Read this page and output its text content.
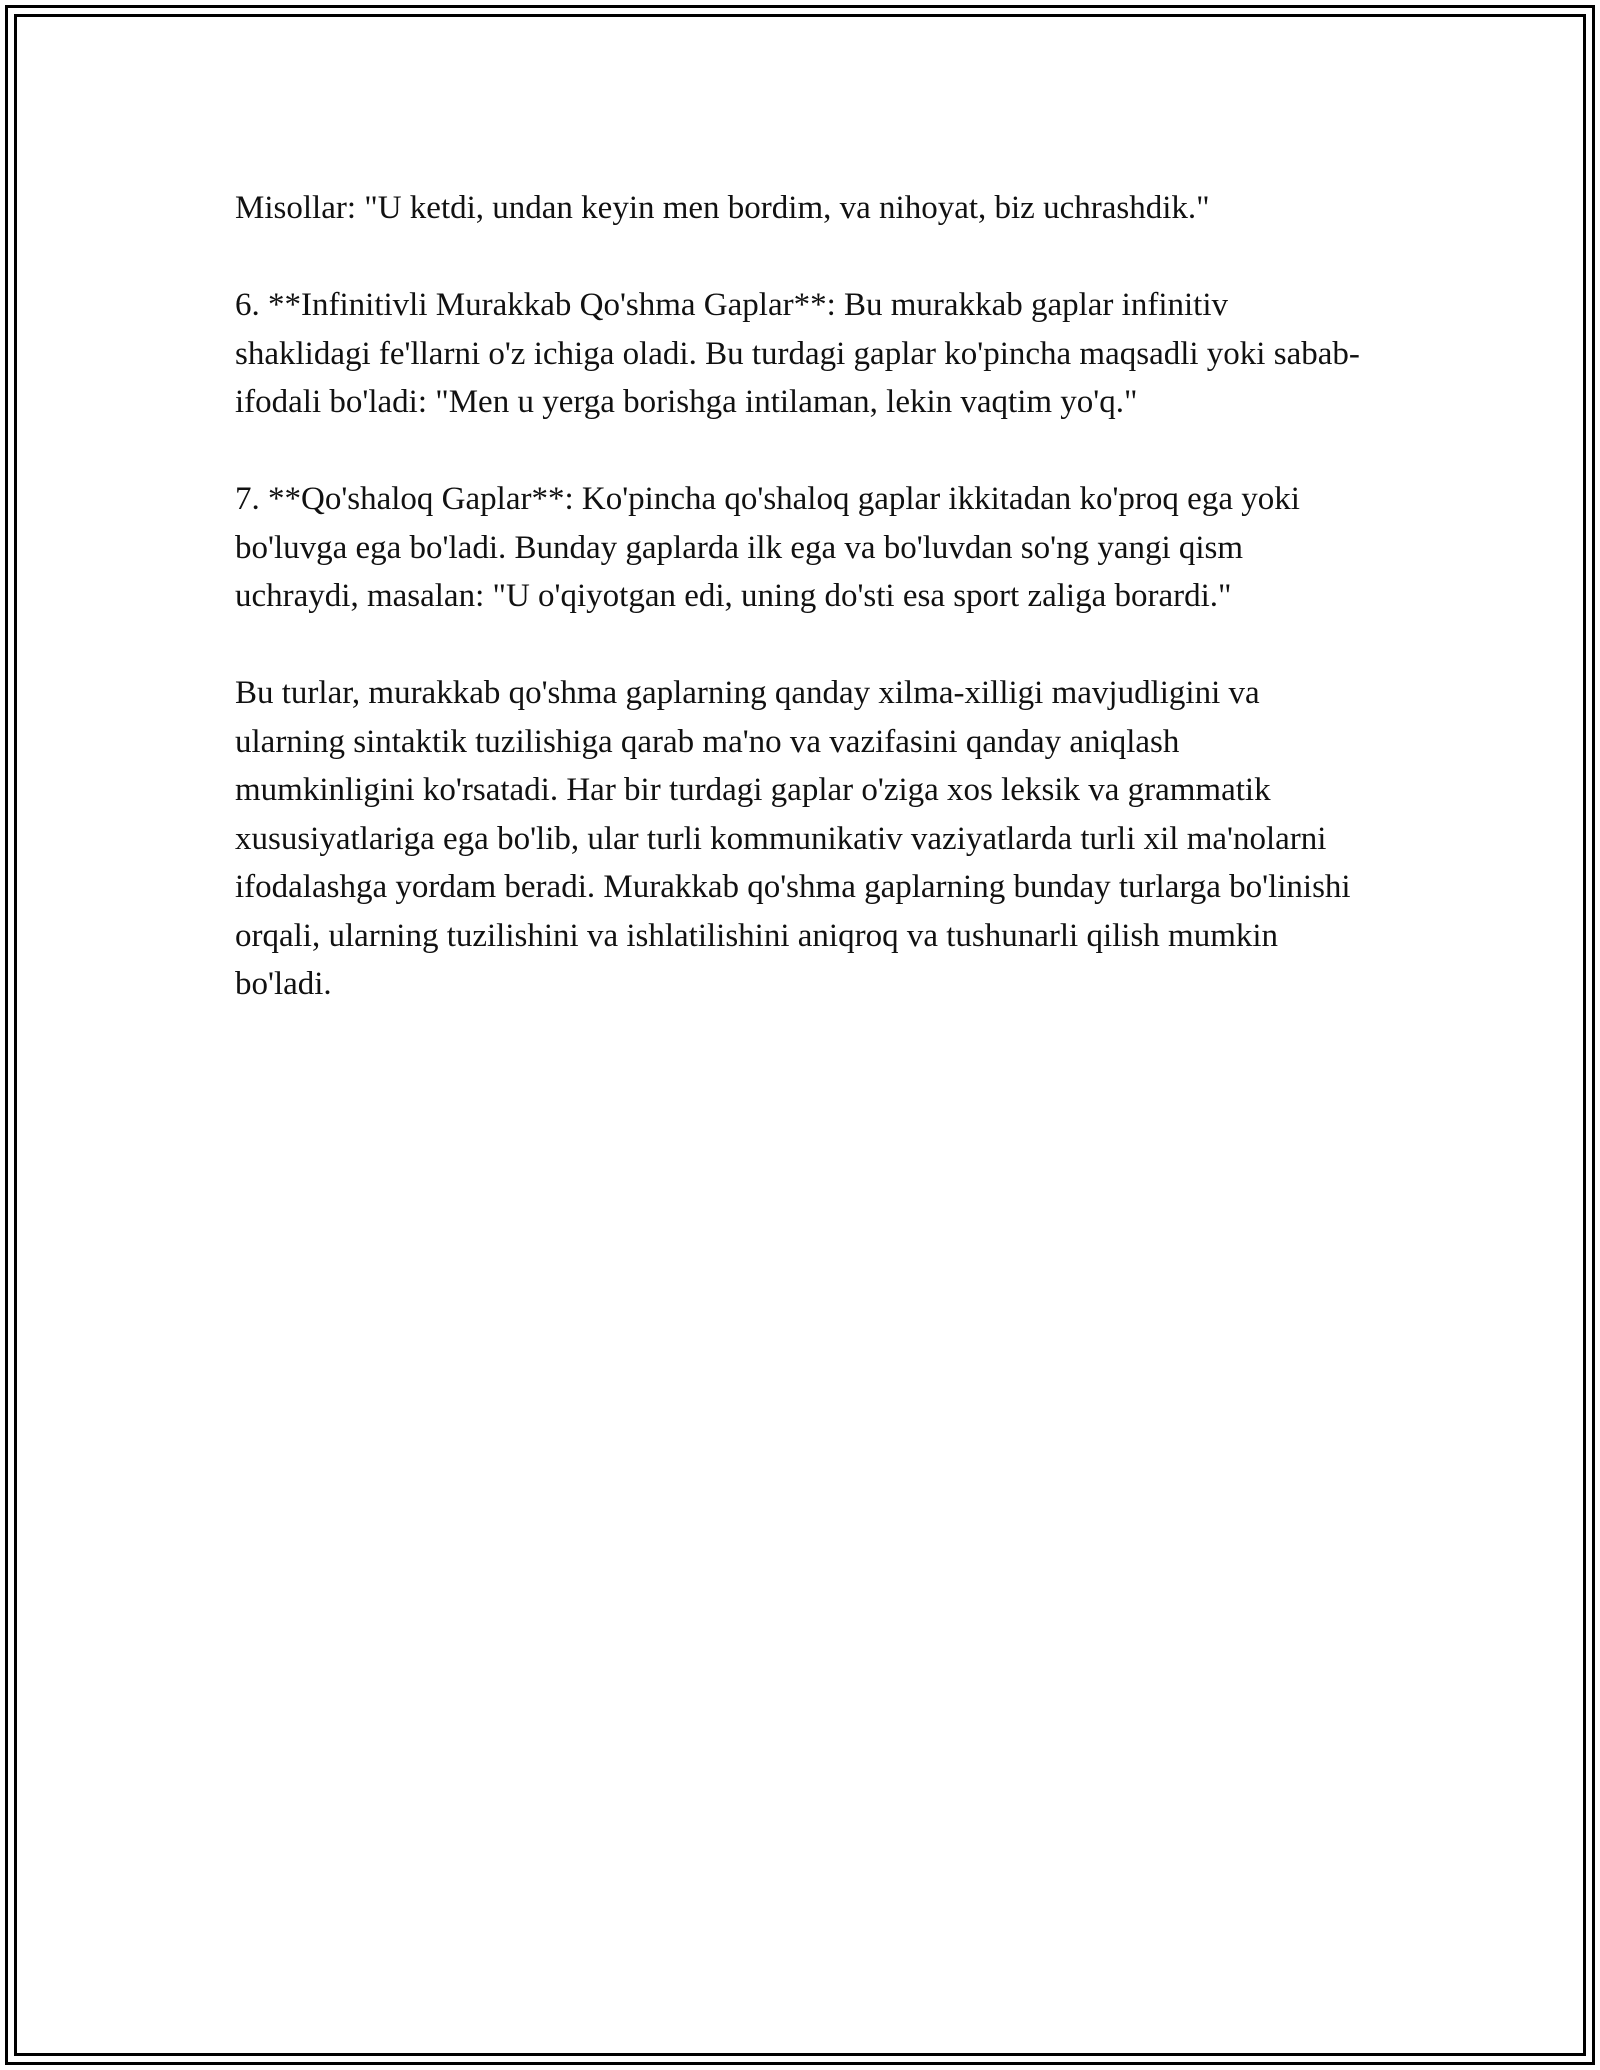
Misollar: "U ketdi, undan keyin men bordim, va nihoyat, biz uchrashdik."

6. **Infinitivli Murakkab Qo'shma Gaplar**: Bu murakkab gaplar infinitiv shaklidagi fe'llarni o'z ichiga oladi. Bu turdagi gaplar ko'pincha maqsadli yoki sabab-ifodali bo'ladi: "Men u yerga borishga intilaman, lekin vaqtim yo'q."

7. **Qo'shaloq Gaplar**: Ko'pincha qo'shaloq gaplar ikkitadan ko'proq ega yoki bo'luvga ega bo'ladi. Bunday gaplarda ilk ega va bo'luvdan so'ng yangi qism uchraydi, masalan: "U o'qiyotgan edi, uning do'sti esa sport zaliga borardi."

Bu turlar, murakkab qo'shma gaplarning qanday xilma-xilligi mavjudligini va ularning sintaktik tuzilishiga qarab ma'no va vazifasini qanday aniqlash mumkinligini ko'rsatadi. Har bir turdagi gaplar o'ziga xos leksik va grammatik xususiyatlariga ega bo'lib, ular turli kommunikativ vaziyatlarda turli xil ma'nolarni ifodalashga yordam beradi. Murakkab qo'shma gaplarning bunday turlarga bo'linishi orqali, ularning tuzilishini va ishlatilishini aniqroq va tushunarli qilish mumkin bo'ladi.
